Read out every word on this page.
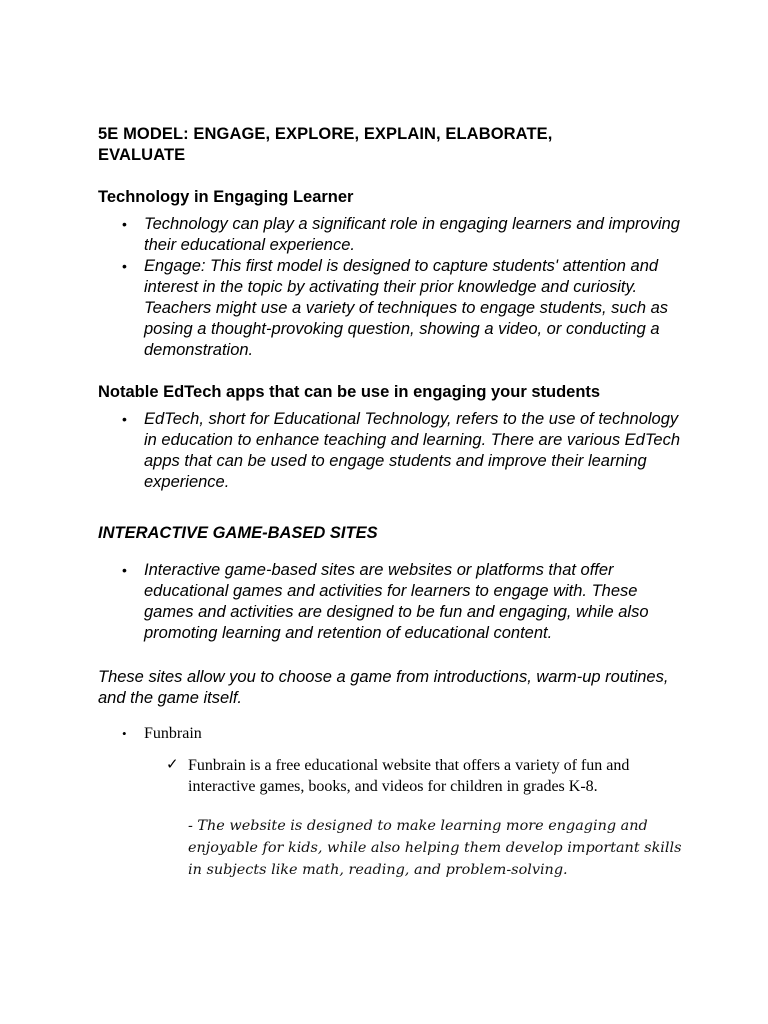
5E MODEL: ENGAGE, EXPLORE, EXPLAIN, ELABORATE,
EVALUATE
Technology in Engaging Learner
• Technology can play a significant role in engaging learners and improving their educational experience.
• Engage: This first model is designed to capture students' attention and interest in the topic by activating their prior knowledge and curiosity. Teachers might use a variety of techniques to engage students, such as posing a thought-provoking question, showing a video, or conducting a demonstration.
Notable EdTech apps that can be use in engaging your students
• EdTech, short for Educational Technology, refers to the use of technology in education to enhance teaching and learning. There are various EdTech apps that can be used to engage students and improve their learning experience.
INTERACTIVE GAME-BASED SITES
• Interactive game-based sites are websites or platforms that offer educational games and activities for learners to engage with. These games and activities are designed to be fun and engaging, while also promoting learning and retention of educational content.

These sites allow you to choose a game from introductions, warm-up routines, and the game itself.

• Funbrain
✓ Funbrain is a free educational website that offers a variety of fun and interactive games, books, and videos for children in grades K-8.
- The website is designed to make learning more engaging and enjoyable for kids, while also helping them develop important skills in subjects like math, reading, and problem-solving.
